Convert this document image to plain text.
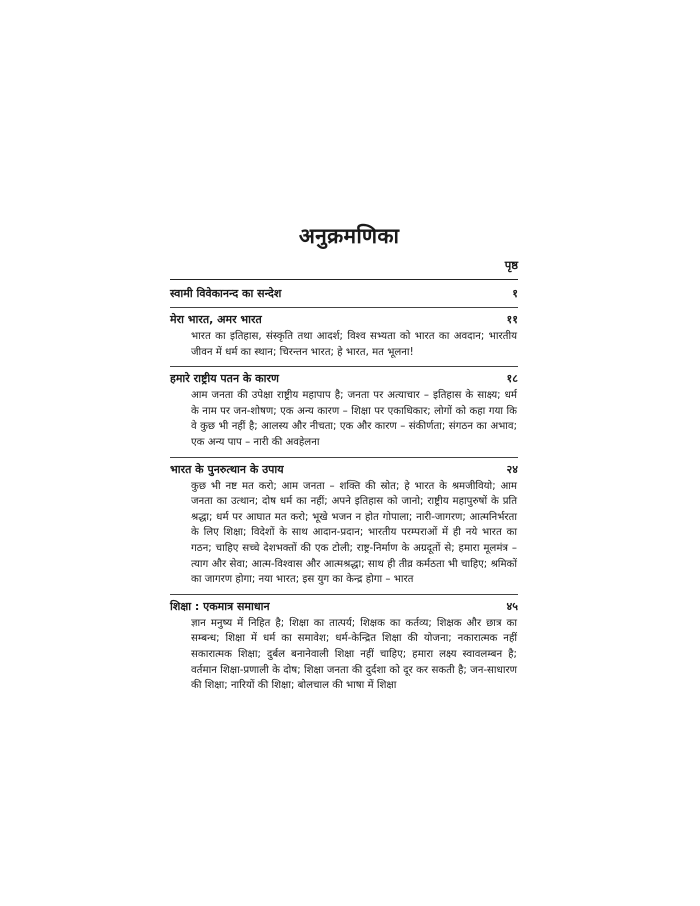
अनुक्रमणिका
पृष्ठ
स्वामी विवेकानन्द का सन्देश	१
मेरा भारत, अमर भारत	११
भारत का इतिहास, संस्कृति तथा आदर्श; विश्व सभ्यता को भारत का अवदान; भारतीय जीवन में धर्म का स्थान; चिरन्तन भारत; हे भारत, मत भूलना!
हमारे राष्ट्रीय पतन के कारण	१८
आम जनता की उपेक्षा राष्ट्रीय महापाप है; जनता पर अत्याचार – इतिहास के साक्ष्य; धर्म के नाम पर जन-शोषण; एक अन्य कारण – शिक्षा पर एकाधिकार; लोगों को कहा गया कि वे कुछ भी नहीं है; आलस्य और नीचता; एक और कारण – संकीर्णता; संगठन का अभाव; एक अन्य पाप – नारी की अवहेलना
भारत के पुनरुत्थान के उपाय	२४
कुछ भी नष्ट मत करो; आम जनता – शक्ति की स्रोत; हे भारत के श्रमजीवियो; आम जनता का उत्थान; दोष धर्म का नहीं; अपने इतिहास को जानो; राष्ट्रीय महापुरुषों के प्रति श्रद्धा; धर्म पर आघात मत करो; भूखे भजन न होत गोपाला; नारी-जागरण; आत्मनिर्भरता के लिए शिक्षा; विदेशों के साथ आदान-प्रदान; भारतीय परम्पराओं में ही नये भारत का गठन; चाहिए सच्चे देशभक्तों की एक टोली; राष्ट्र-निर्माण के अग्रदूतों से; हमारा मूलमंत्र – त्याग और सेवा; आत्म-विश्वास और आत्मश्रद्धा; साथ ही तीव्र कर्मठता भी चाहिए; श्रमिकों का जागरण होगा; नया भारत; इस युग का केन्द्र होगा – भारत
शिक्षा : एकमात्र समाधान	४५
ज्ञान मनुष्य में निहित है; शिक्षा का तात्पर्य; शिक्षक का कर्तव्य; शिक्षक और छात्र का सम्बन्ध; शिक्षा में धर्म का समावेश; धर्म-केन्द्रित शिक्षा की योजना; नकारात्मक नहीं सकारात्मक शिक्षा; दुर्बल बनानेवाली शिक्षा नहीं चाहिए; हमारा लक्ष्य स्वावलम्बन है; वर्तमान शिक्षा-प्रणाली के दोष; शिक्षा जनता की दुर्दशा को दूर कर सकती है; जन-साधारण की शिक्षा; नारियों की शिक्षा; बोलचाल की भाषा में शिक्षा
